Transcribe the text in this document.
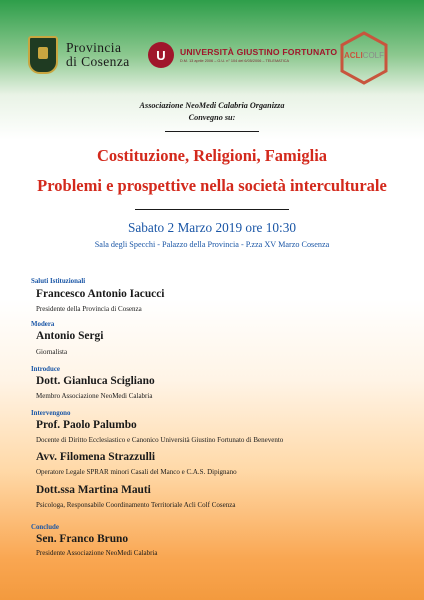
Provincia
di Cosenza	U	UNIVERSITÀ GIUSTINO FORTUNATO
D.M. 13 aprile 2006 – G.U. n° 104 del 6/05/2006 – TELEMATICA
ACLICOLF
Associazione NeoMedi Calabria Organizza
Convegno su:
Costituzione, Religioni, Famiglia
Problemi e prospettive nella società interculturale
Sabato 2 Marzo 2019 ore 10:30
Sala degli Specchi - Palazzo della Provincia - P.zza XV Marzo Cosenza
Saluti Istituzionali
Francesco Antonio Iacucci
Presidente della Provincia di Cosenza
Modera
Antonio Sergi
Giornalista
Introduce
Dott. Gianluca Scigliano
Membro Associazione NeoMedi Calabria
Intervengono
Prof. Paolo Palumbo
Docente di Diritto Ecclesiastico e Canonico Università Giustino Fortunato di Benevento
Avv. Filomena Strazzulli
Operatore Legale SPRAR minori Casali del Manco e C.A.S. Dipignano
Dott.ssa Martina Mauti
Psicologa, Responsabile Coordinamento Territoriale Acli Colf Cosenza
Conclude
Sen. Franco Bruno
Presidente Associazione NeoMedi Calabria
